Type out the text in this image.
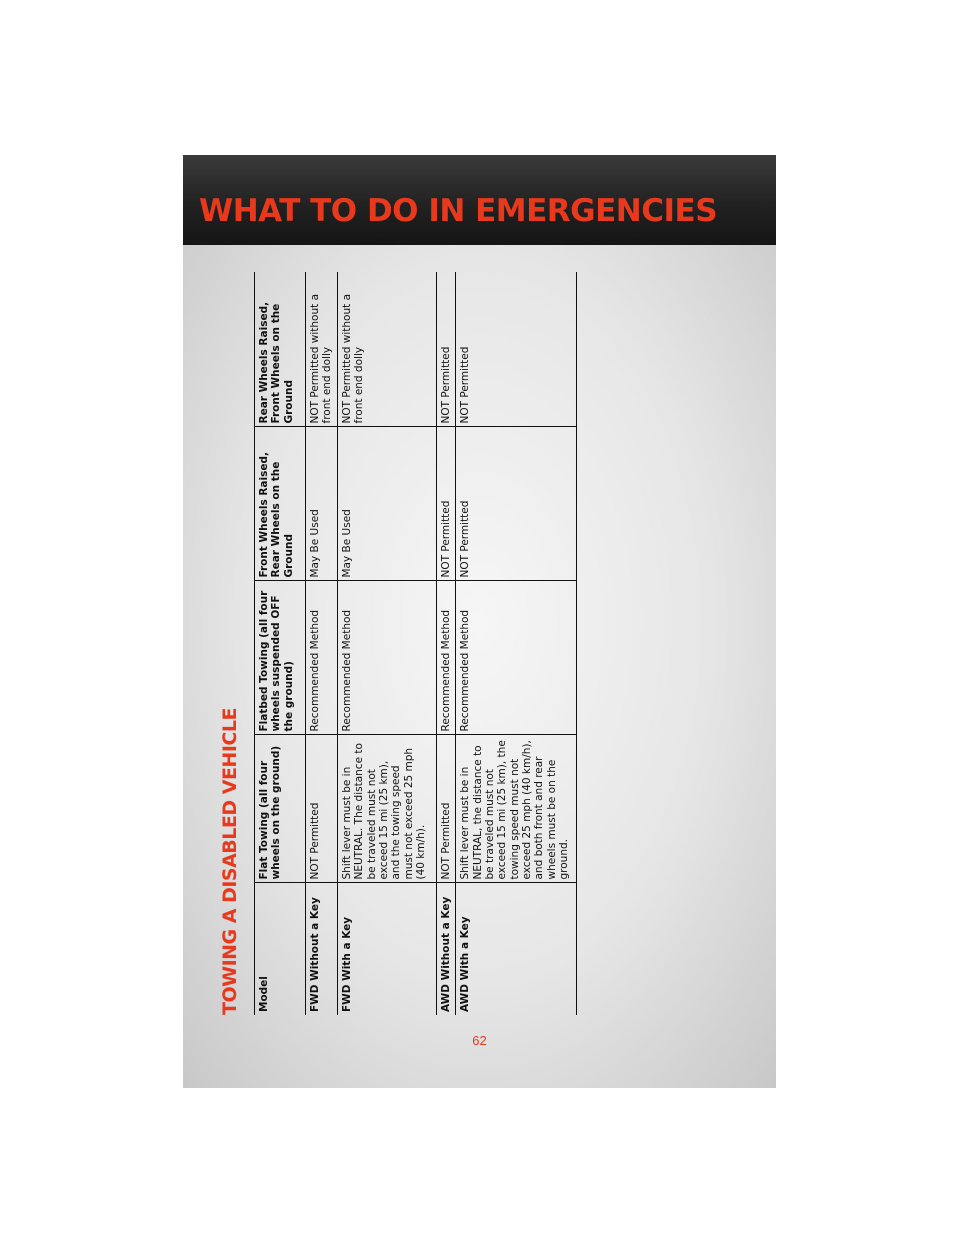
WHAT TO DO IN EMERGENCIES
TOWING A DISABLED VEHICLE Model	Flat Towing (all four wheels on the ground)	Flatbed Towing (all four wheels suspended OFF the ground)	Front Wheels Raised, Rear Wheels on the Ground	Rear Wheels Raised, Front Wheels on the Ground
FWD Without a Key	NOT Permitted	Recommended Method	May Be Used	NOT Permitted without a front end dolly
FWD With a Key	Shift lever must be in NEUTRAL. The distance to be traveled must not exceed 15 mi (25 km), and the towing speed must not exceed 25 mph (40 km/h).	Recommended Method	May Be Used	NOT Permitted without a front end dolly
AWD Without a Key	NOT Permitted	Recommended Method	NOT Permitted	NOT Permitted
AWD With a Key	Shift lever must be in NEUTRAL, the distance to be traveled must not exceed 15 mi (25 km), the towing speed must not exceed 25 mph (40 km/h), and both front and rear wheels must be on the ground.	Recommended Method	NOT Permitted	NOT Permitted
62
